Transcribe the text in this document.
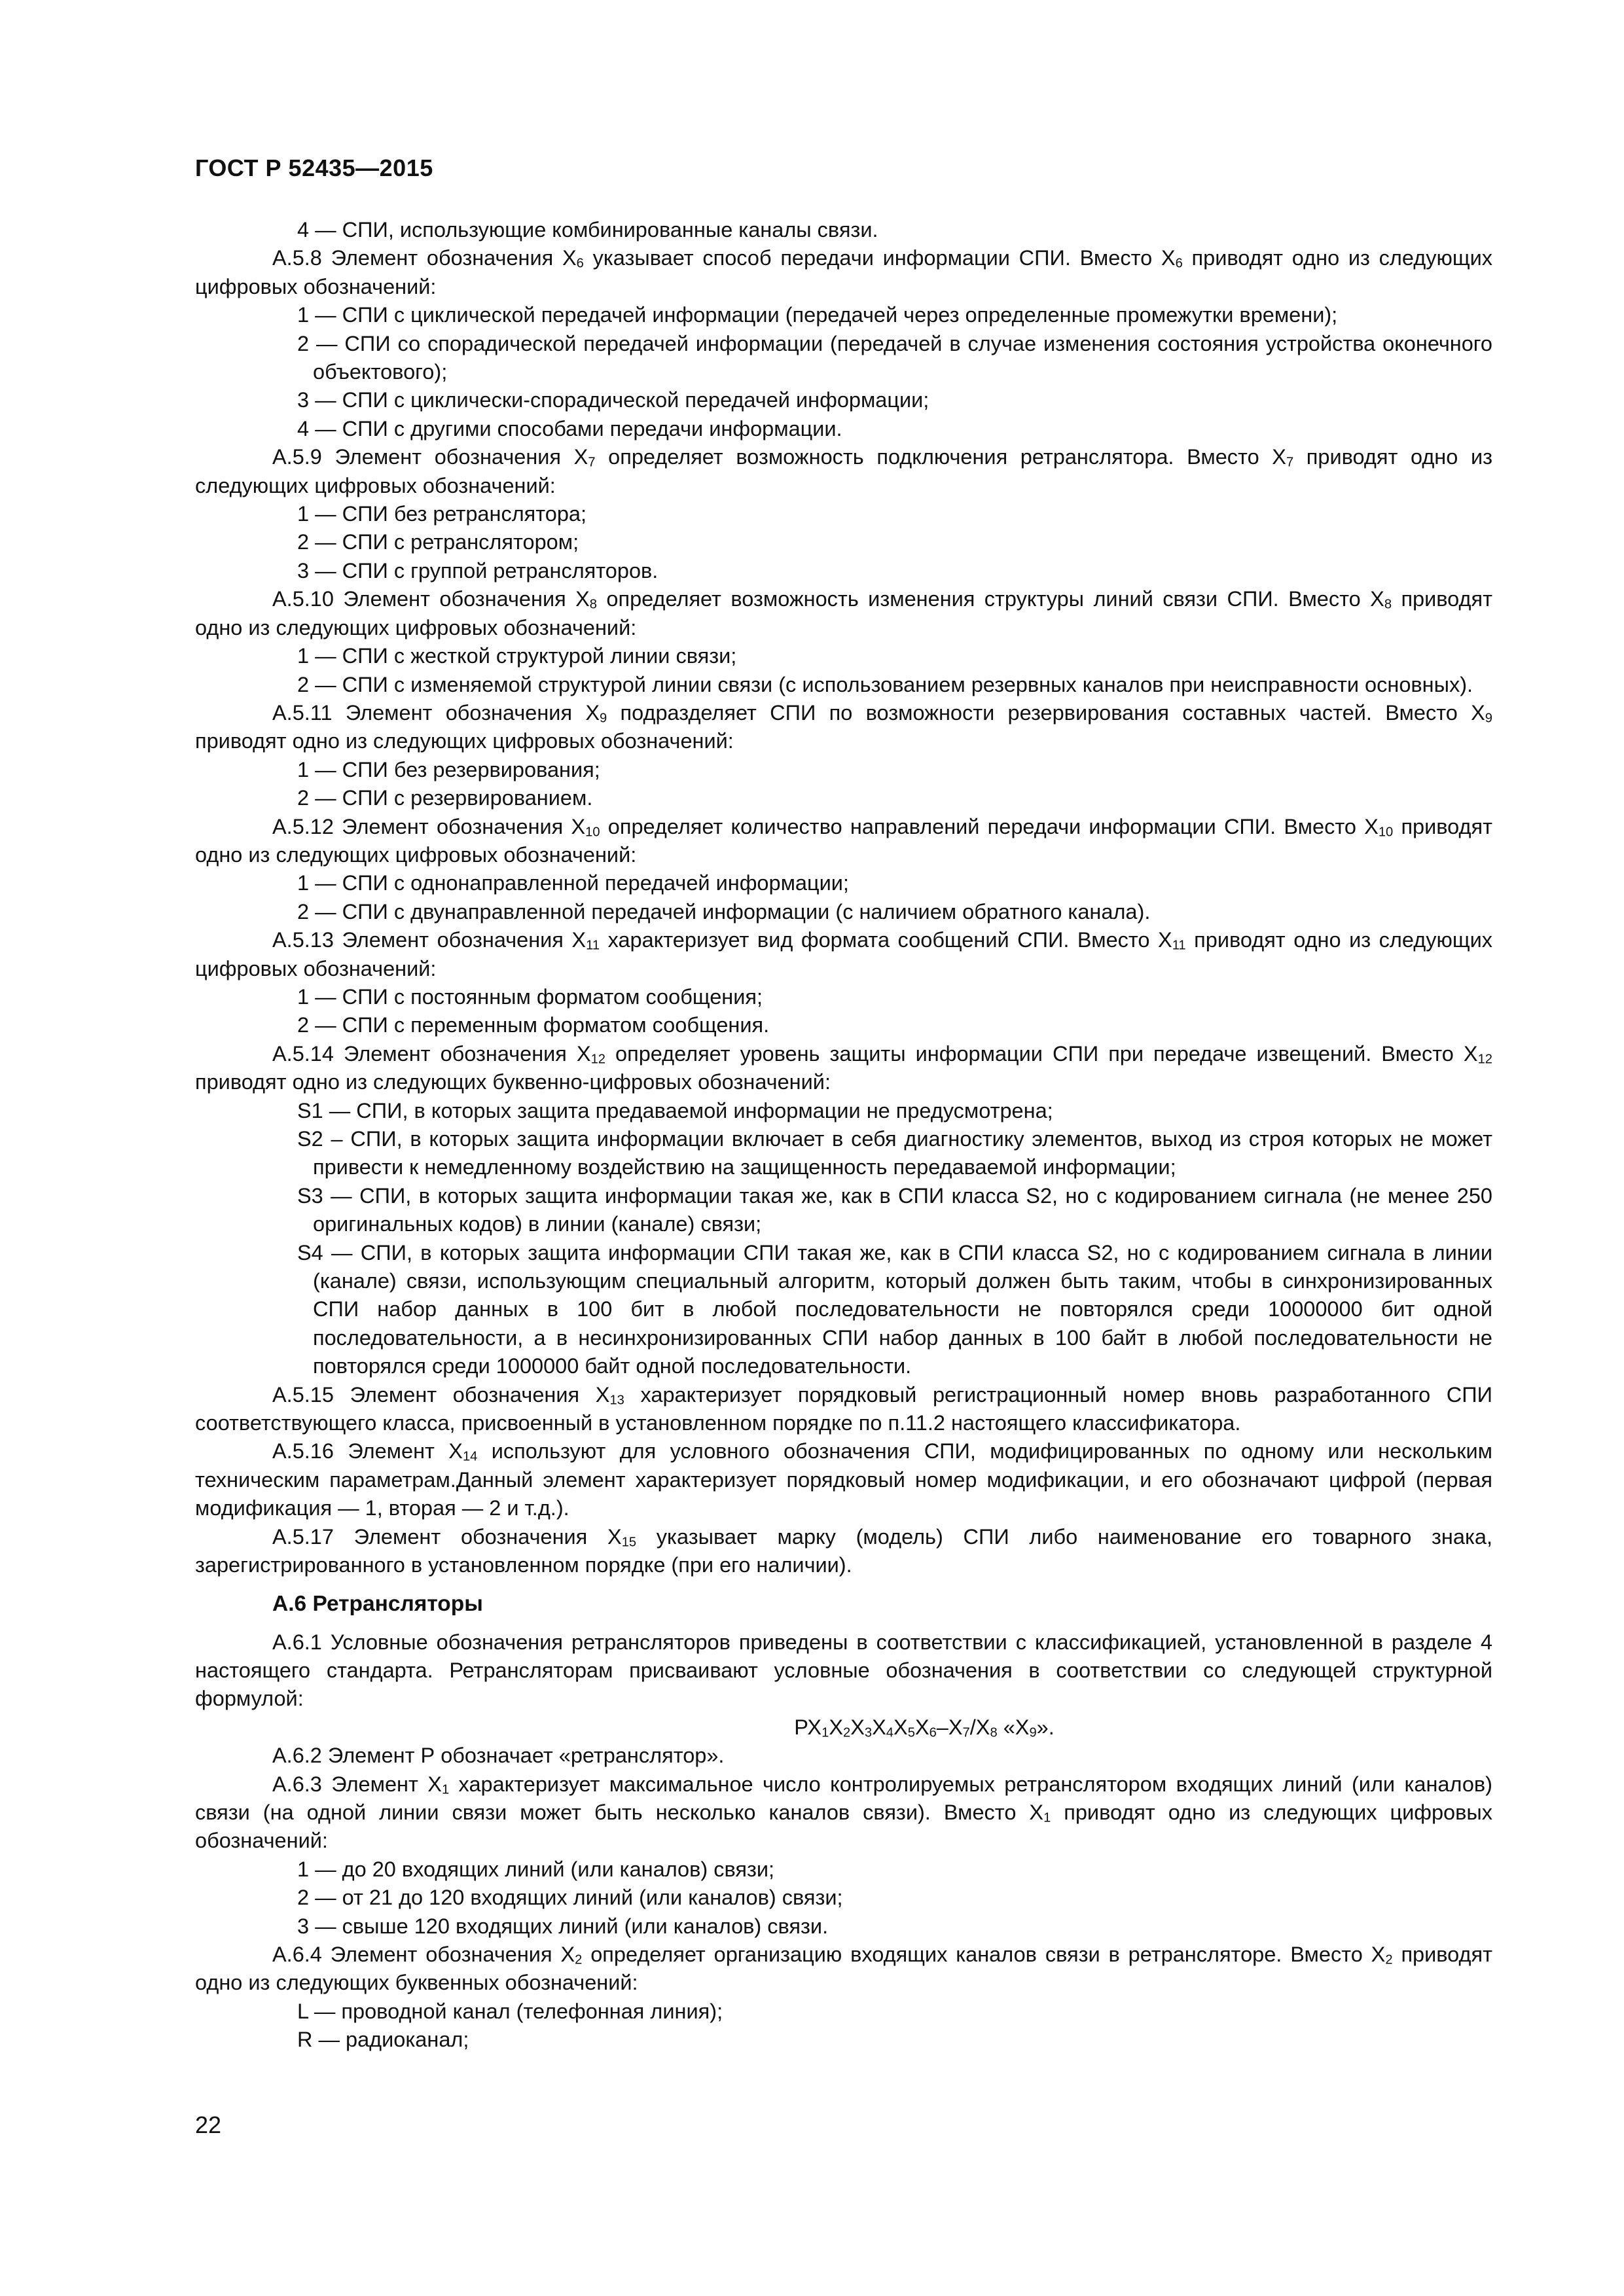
ГОСТ Р 52435—2015

4 — СПИ, использующие комбинированные каналы связи.

А.5.8 Элемент обозначения $Х_6$ указывает способ передачи информации СПИ. Вместо $Х_6$ приводят одно из следующих цифровых обозначений:

1 — СПИ с циклической передачей информации (передачей через определенные промежутки времени);

2 — СПИ со спорадической передачей информации (передачей в случае изменения состояния устройства оконечного объектового);

3 — СПИ с циклически-спорадической передачей информации;

4 — СПИ с другими способами передачи информации.

А.5.9 Элемент обозначения $Х_7$ определяет возможность подключения ретранслятора. Вместо $Х_7$ приводят одно из следующих цифровых обозначений:

1 — СПИ без ретранслятора;

2 — СПИ с ретранслятором;

3 — СПИ с группой ретрансляторов.

А.5.10 Элемент обозначения $Х_8$ определяет возможность изменения структуры линий связи СПИ. Вместо $Х_8$ приводят одно из следующих цифровых обозначений:

1 — СПИ с жесткой структурой линии связи;

2 — СПИ с изменяемой структурой линии связи (с использованием резервных каналов при неисправности основных).

А.5.11 Элемент обозначения $Х_9$ подразделяет СПИ по возможности резервирования составных частей. Вместо $Х_9$ приводят одно из следующих цифровых обозначений:

1 — СПИ без резервирования;

2 — СПИ с резервированием.

А.5.12 Элемент обозначения $Х_{10}$ определяет количество направлений передачи информации СПИ. Вместо $Х_{10}$ приводят одно из следующих цифровых обозначений:

1 — СПИ с однонаправленной передачей информации;

2 — СПИ с двунаправленной передачей информации (с наличием обратного канала).

А.5.13 Элемент обозначения $Х_{11}$ характеризует вид формата сообщений СПИ. Вместо $Х_{11}$ приводят одно из следующих цифровых обозначений:

1 — СПИ с постоянным форматом сообщения;

2 — СПИ с переменным форматом сообщения.

А.5.14 Элемент обозначения $Х_{12}$ определяет уровень защиты информации СПИ при передаче извещений. Вместо $Х_{12}$ приводят одно из следующих буквенно-цифровых обозначений:

S1 — СПИ, в которых защита предаваемой информации не предусмотрена;

S2 – СПИ, в которых защита информации включает в себя диагностику элементов, выход из строя которых не может привести к немедленному воздействию на защищенность передаваемой информации;

S3 — СПИ, в которых защита информации такая же, как в СПИ класса S2, но с кодированием сигнала (не менее 250 оригинальных кодов) в линии (канале) связи;

S4 — СПИ, в которых защита информации СПИ такая же, как в СПИ класса S2, но с кодированием сигнала в линии (канале) связи, использующим специальный алгоритм, который должен быть таким, чтобы в синхронизированных СПИ набор данных в 100 бит в любой последовательности не повторялся среди 10000000 бит одной последовательности, а в несинхронизированных СПИ набор данных в 100 байт в любой последовательности не повторялся среди 1000000 байт одной последовательности.

А.5.15 Элемент обозначения $Х_{13}$ характеризует порядковый регистрационный номер вновь разработанного СПИ соответствующего класса, присвоенный в установленном порядке по п.11.2 настоящего классификатора.

А.5.16 Элемент $Х_{14}$ используют для условного обозначения СПИ, модифицированных по одному или нескольким техническим параметрам.Данный элемент характеризует порядковый номер модификации, и его обозначают цифрой (первая модификация — 1, вторая — 2 и т.д.).

А.5.17 Элемент обозначения $Х_{15}$ указывает марку (модель) СПИ либо наименование его товарного знака, зарегистрированного в установленном порядке (при его наличии).

А.6 Ретрансляторы

А.6.1 Условные обозначения ретрансляторов приведены в соответствии с классификацией, установленной в разделе 4 настоящего стандарта. Ретрансляторам присваивают условные обозначения в соответствии со следующей структурной формулой:

$РХ_1Х_2Х_3Х_4Х_5Х_6-Х_7/Х_8$ «$Х_9$».

А.6.2 Элемент Р обозначает «ретранслятор».

А.6.3 Элемент $Х_1$ характеризует максимальное число контролируемых ретранслятором входящих линий (или каналов) связи (на одной линии связи может быть несколько каналов связи). Вместо $Х_1$ приводят одно из следующих цифровых обозначений:

1 — до 20 входящих линий (или каналов) связи;

2 — от 21 до 120 входящих линий (или каналов) связи;

3 — свыше 120 входящих линий (или каналов) связи.

А.6.4 Элемент обозначения $Х_2$ определяет организацию входящих каналов связи в ретрансляторе. Вместо $Х_2$ приводят одно из следующих буквенных обозначений:

L — проводной канал (телефонная линия);

R — радиоканал;

22
